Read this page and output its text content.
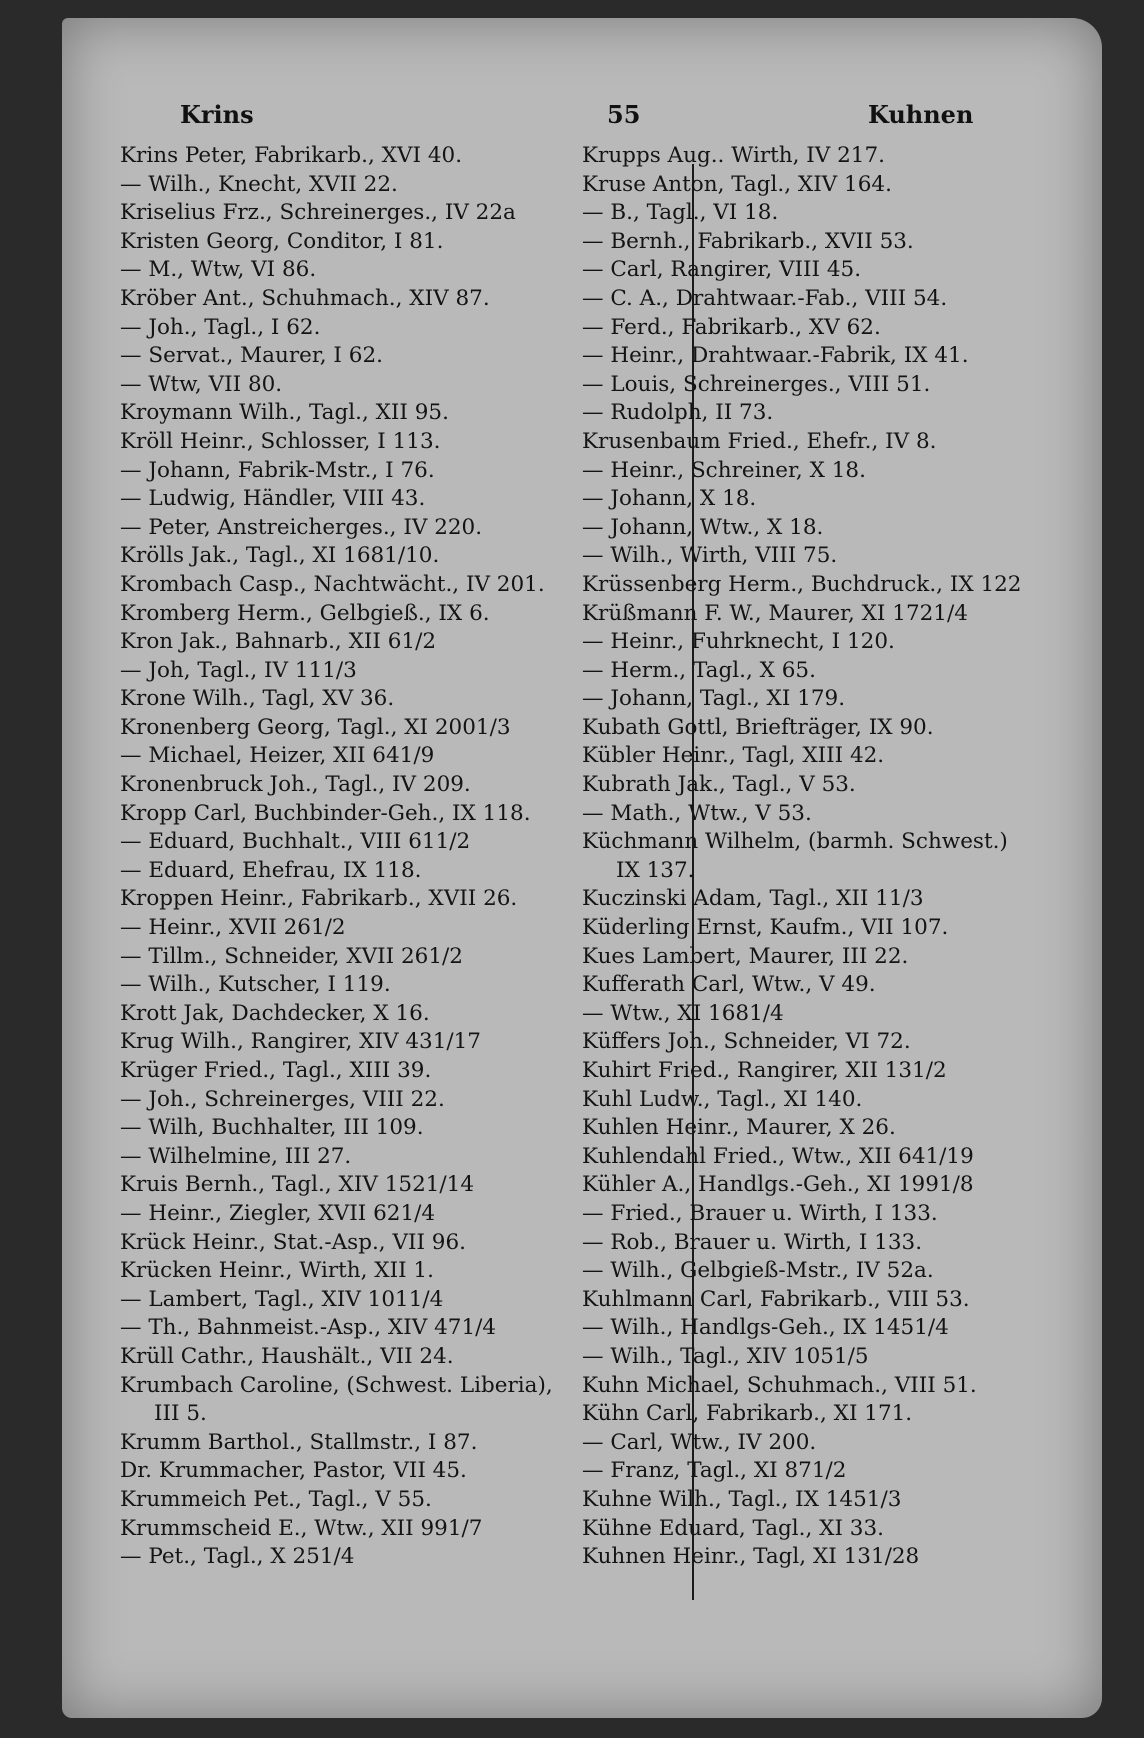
Krins	55	Kuhnen
Krins Peter, Fabrikarb., XVI 40.
— Wilh., Knecht, XVII 22.
Kriselius Frz., Schreinerges., IV 22a
Kristen Georg, Conditor, I 81.
— M., Wtw, VI 86.
Kröber Ant., Schuhmach., XIV 87.
— Joh., Tagl., I 62.
— Servat., Maurer, I 62.
— Wtw, VII 80.
Kroymann Wilh., Tagl., XII 95.
Kröll Heinr., Schlosser, I 113.
— Johann, Fabrik-Mstr., I 76.
— Ludwig, Händler, VIII 43.
— Peter, Anstreicherges., IV 220.
Krölls Jak., Tagl., XI 1681/10.
Krombach Casp., Nachtwächt., IV 201.
Kromberg Herm., Gelbgieß., IX 6.
Kron Jak., Bahnarb., XII 61/2
— Joh, Tagl., IV 111/3
Krone Wilh., Tagl, XV 36.
Kronenberg Georg, Tagl., XI 2001/3
— Michael, Heizer, XII 641/9
Kronenbruck Joh., Tagl., IV 209.
Kropp Carl, Buchbinder-Geh., IX 118.
— Eduard, Buchhalt., VIII 611/2
— Eduard, Ehefrau, IX 118.
Kroppen Heinr., Fabrikarb., XVII 26.
— Heinr., XVII 261/2
— Tillm., Schneider, XVII 261/2
— Wilh., Kutscher, I 119.
Krott Jak, Dachdecker, X 16.
Krug Wilh., Rangirer, XIV 431/17
Krüger Fried., Tagl., XIII 39.
— Joh., Schreinerges, VIII 22.
— Wilh, Buchhalter, III 109.
— Wilhelmine, III 27.
Kruis Bernh., Tagl., XIV 1521/14
— Heinr., Ziegler, XVII 621/4
Krück Heinr., Stat.-Asp., VII 96.
Krücken Heinr., Wirth, XII 1.
— Lambert, Tagl., XIV 1011/4
— Th., Bahnmeist.-Asp., XIV 471/4
Krüll Cathr., Haushält., VII 24.
Krumbach Caroline, (Schwest. Liberia),
III 5.
Krumm Barthol., Stallmstr., I 87.
Dr. Krummacher, Pastor, VII 45.
Krummeich Pet., Tagl., V 55.
Krummscheid E., Wtw., XII 991/7
— Pet., Tagl., X 251/4
Krupps Aug.. Wirth, IV 217.
Kruse Anton, Tagl., XIV 164.
— B., Tagl., VI 18.
— Bernh., Fabrikarb., XVII 53.
— Carl, Rangirer, VIII 45.
— C. A., Drahtwaar.-Fab., VIII 54.
— Ferd., Fabrikarb., XV 62.
— Heinr., Drahtwaar.-Fabrik, IX 41.
— Louis, Schreinerges., VIII 51.
— Rudolph, II 73.
Krusenbaum Fried., Ehefr., IV 8.
— Heinr., Schreiner, X 18.
— Johann, X 18.
— Johann, Wtw., X 18.
— Wilh., Wirth, VIII 75.
Krüssenberg Herm., Buchdruck., IX 122
Krüßmann F. W., Maurer, XI 1721/4
— Heinr., Fuhrknecht, I 120.
— Herm., Tagl., X 65.
— Johann, Tagl., XI 179.
Kubath Gottl, Briefträger, IX 90.
Kübler Heinr., Tagl, XIII 42.
Kubrath Jak., Tagl., V 53.
— Math., Wtw., V 53.
Küchmann Wilhelm, (barmh. Schwest.)
IX 137.
Kuczinski Adam, Tagl., XII 11/3
Küderling Ernst, Kaufm., VII 107.
Kues Lambert, Maurer, III 22.
Kufferath Carl, Wtw., V 49.
— Wtw., XI 1681/4
Küffers Joh., Schneider, VI 72.
Kuhirt Fried., Rangirer, XII 131/2
Kuhl Ludw., Tagl., XI 140.
Kuhlen Heinr., Maurer, X 26.
Kuhlendahl Fried., Wtw., XII 641/19
Kühler A., Handlgs.-Geh., XI 1991/8
— Fried., Brauer u. Wirth, I 133.
— Rob., Brauer u. Wirth, I 133.
— Wilh., Gelbgieß-Mstr., IV 52a.
Kuhlmann Carl, Fabrikarb., VIII 53.
— Wilh., Handlgs-Geh., IX 1451/4
— Wilh., Tagl., XIV 1051/5
Kuhn Michael, Schuhmach., VIII 51.
Kühn Carl, Fabrikarb., XI 171.
— Carl, Wtw., IV 200.
— Franz, Tagl., XI 871/2
Kuhne Wilh., Tagl., IX 1451/3
Kühne Eduard, Tagl., XI 33.
Kuhnen Heinr., Tagl, XI 131/28
